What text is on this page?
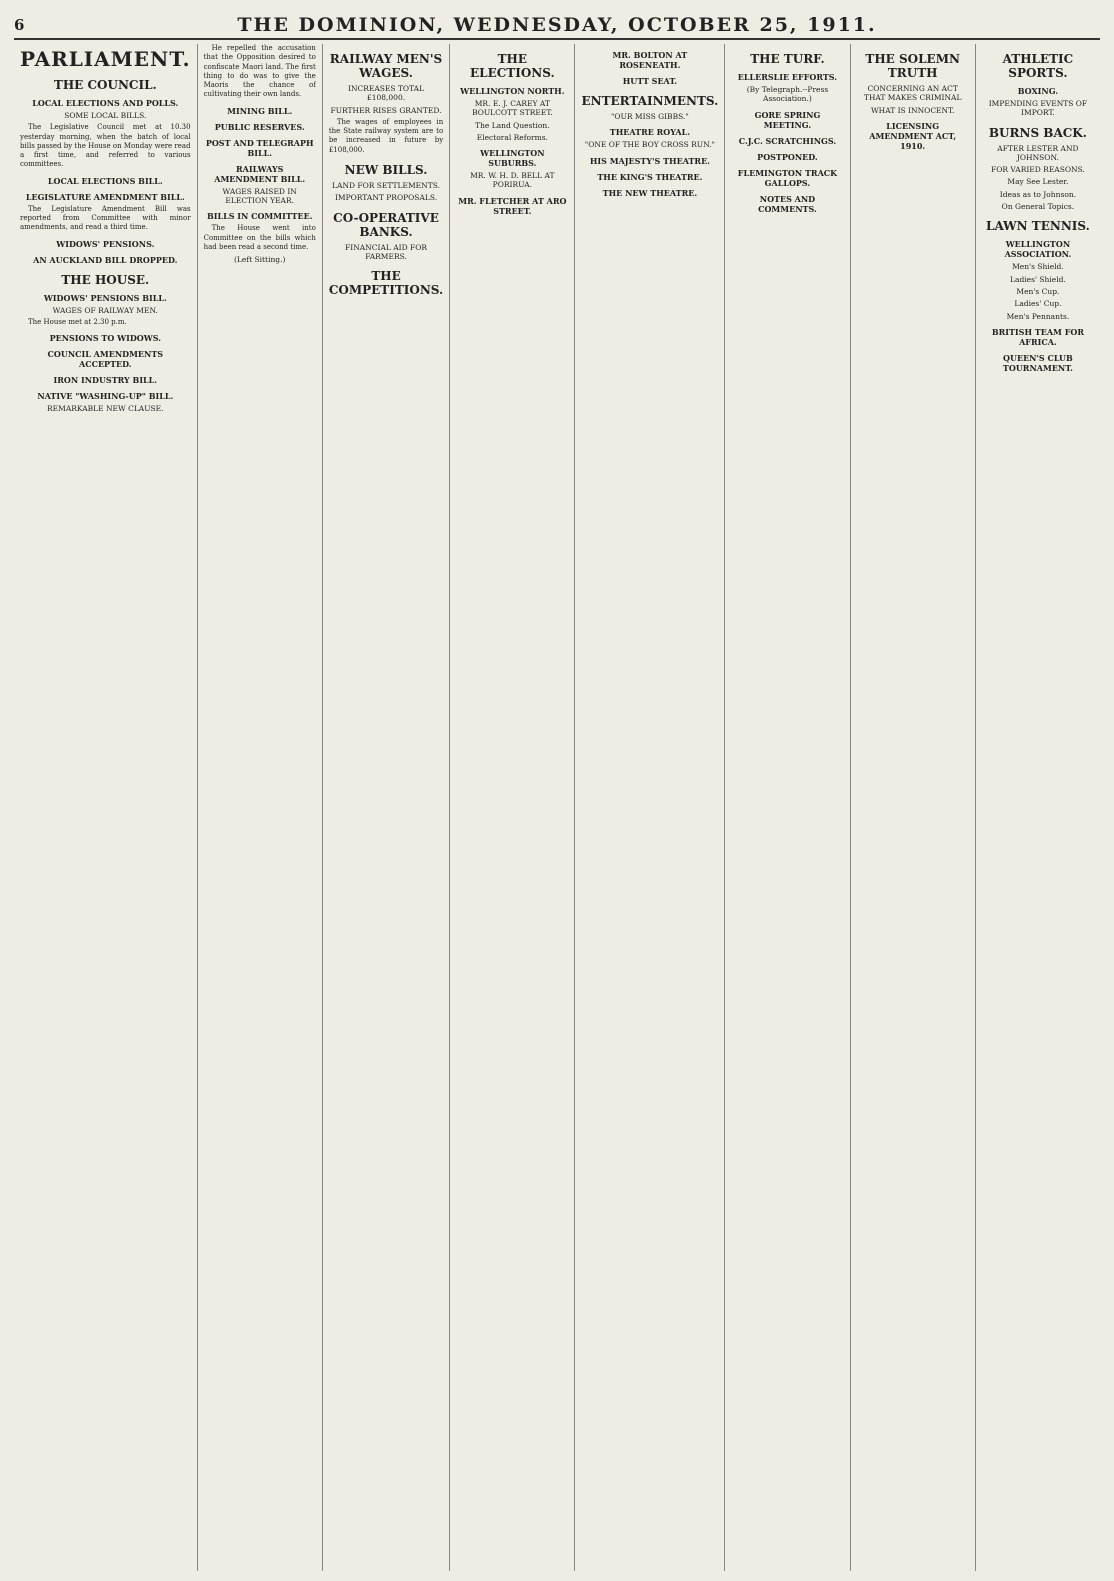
6	THE DOMINION, WEDNESDAY, OCTOBER 25, 1911.
PARLIAMENT.
THE COUNCIL.
LOCAL ELECTIONS AND POLLS.
SOME LOCAL BILLS.

The Legislative Council met at 10.30 yesterday morning, when the batch of local bills passed by the House on Monday were read a first time, and referred to various committees.

LOCAL ELECTIONS BILL.
LEGISLATURE AMENDMENT BILL.

The Legislature Amendment Bill was reported from Committee with minor amendments, and read a third time.

WIDOWS' PENSIONS.
AN AUCKLAND BILL DROPPED.
THE HOUSE.
WIDOWS' PENSIONS BILL.
WAGES OF RAILWAY MEN.

The House met at 2.30 p.m.

PENSIONS TO WIDOWS.
COUNCIL AMENDMENTS ACCEPTED.
IRON INDUSTRY BILL.
NATIVE "WASHING-UP" BILL.
REMARKABLE NEW CLAUSE.

He repelled the accusation that the Opposition desired to confiscate Maori land. The first thing to do was to give the Maoris the chance of cultivating their own lands.

MINING BILL.
PUBLIC RESERVES.
POST AND TELEGRAPH BILL.
RAILWAYS AMENDMENT BILL.
WAGES RAISED IN ELECTION YEAR.
BILLS IN COMMITTEE.

The House went into Committee on the bills which had been read a second time.

(Left Sitting.)
RAILWAY MEN'S WAGES.
INCREASES TOTAL £108,000.
FURTHER RISES GRANTED.

The wages of employees in the State railway system are to be increased in future by £108,000.

NEW BILLS.
LAND FOR SETTLEMENTS.
IMPORTANT PROPOSALS.
CO-OPERATIVE BANKS.
FINANCIAL AID FOR FARMERS.
THE COMPETITIONS.
THE ELECTIONS.
WELLINGTON NORTH.
MR. E. J. CAREY AT BOULCOTT STREET.
The Land Question.
Electoral Reforms.
WELLINGTON SUBURBS.
MR. W. H. D. BELL AT PORIRUA.
MR. FLETCHER AT ARO STREET.
MR. BOLTON AT ROSENEATH.
HUTT SEAT.
ENTERTAINMENTS.
"OUR MISS GIBBS."
THEATRE ROYAL.
"ONE OF THE BOY CROSS RUN."
HIS MAJESTY'S THEATRE.
THE KING'S THEATRE.
THE NEW THEATRE.
THE TURF.
ELLERSLIE EFFORTS.
(By Telegraph.--Press Association.)
GORE SPRING MEETING.
C.J.C. SCRATCHINGS.
POSTPONED.
FLEMINGTON TRACK GALLOPS.
NOTES AND COMMENTS.
THE SOLEMN TRUTH
CONCERNING AN ACT THAT MAKES CRIMINAL
WHAT IS INNOCENT.
LICENSING AMENDMENT ACT, 1910.
ATHLETIC SPORTS.
BOXING.
IMPENDING EVENTS OF IMPORT.
BURNS BACK.
AFTER LESTER AND JOHNSON.
FOR VARIED REASONS.
May See Lester.
Ideas as to Johnson.
On General Topics.
LAWN TENNIS.
WELLINGTON ASSOCIATION.
Men's Shield.
Ladies' Shield.
Men's Cup.
Ladies' Cup.
Men's Pennants.
BRITISH TEAM FOR AFRICA.
QUEEN'S CLUB TOURNAMENT.
